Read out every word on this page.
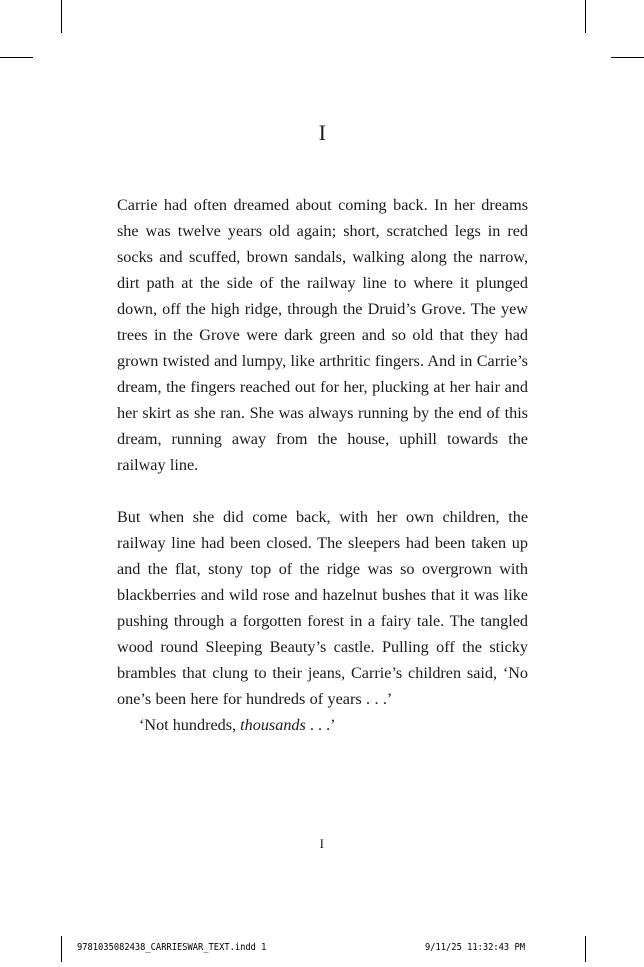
I

Carrie had often dreamed about coming back. In her dreams she was twelve years old again; short, scratched legs in red socks and scuffed, brown sandals, walking along the narrow, dirt path at the side of the railway line to where it plunged down, off the high ridge, through the Druid’s Grove. The yew trees in the Grove were dark green and so old that they had grown twisted and lumpy, like arthritic fingers. And in Carrie’s dream, the fingers reached out for her, plucking at her hair and her skirt as she ran. She was always running by the end of this dream, running away from the house, uphill towards the railway line.

But when she did come back, with her own children, the railway line had been closed. The sleepers had been taken up and the flat, stony top of the ridge was so overgrown with blackberries and wild rose and hazelnut bushes that it was like pushing through a forgotten forest in a fairy tale. The tangled wood round Sleeping Beauty’s castle. Pulling off the sticky brambles that clung to their jeans, Carrie’s children said, ‘No one’s been here for hundreds of years . . .’

‘Not hundreds, thousands . . .’

I
9781035082438_CARRIESWAR_TEXT.indd 1	9/11/25 11:32:43 PM
